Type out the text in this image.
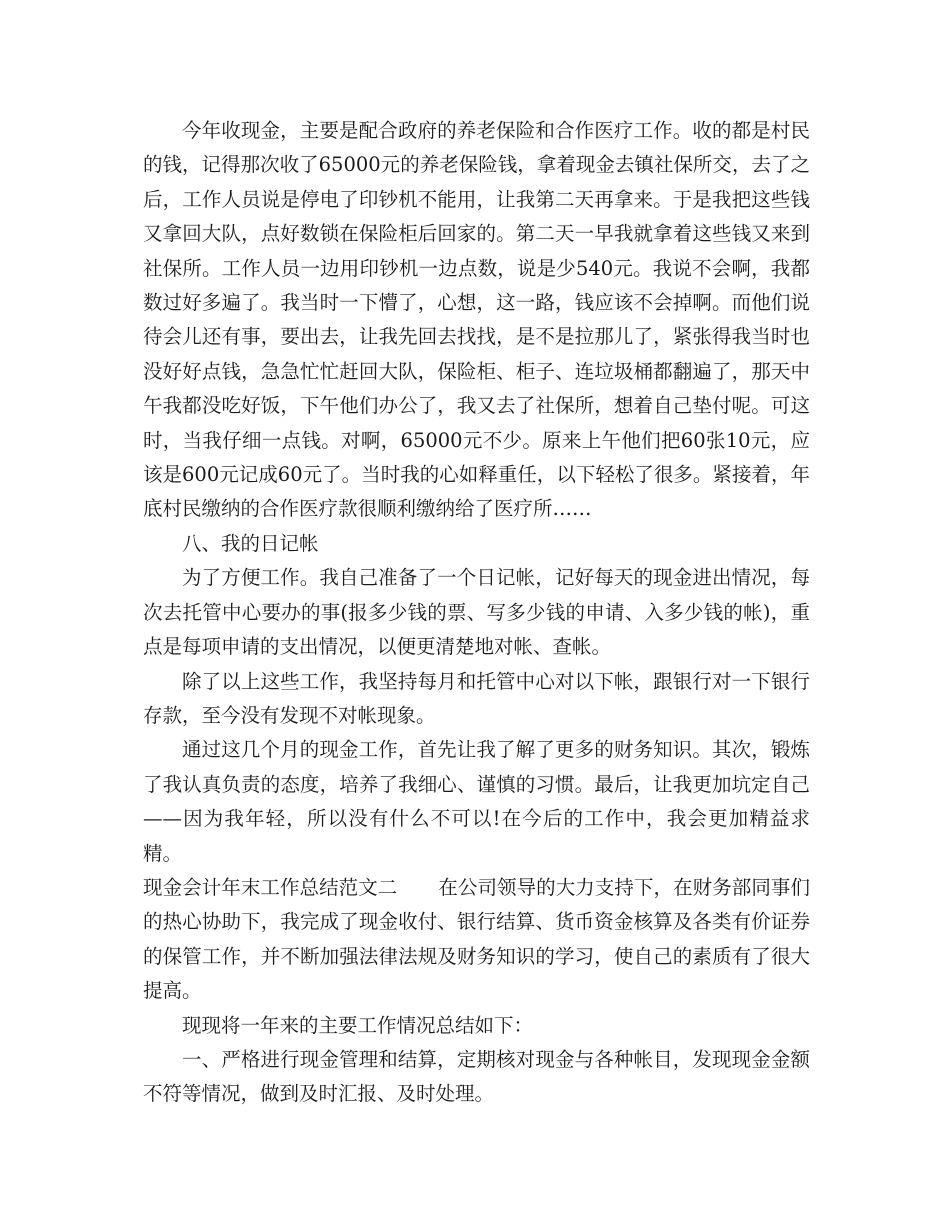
今年收现金，主要是配合政府的养老保险和合作医疗工作。收的都是村民的钱，记得那次收了65000元的养老保险钱，拿着现金去镇社保所交，去了之后，工作人员说是停电了印钞机不能用，让我第二天再拿来。于是我把这些钱又拿回大队，点好数锁在保险柜后回家的。第二天一早我就拿着这些钱又来到社保所。工作人员一边用印钞机一边点数，说是少540元。我说不会啊，我都数过好多遍了。我当时一下懵了，心想，这一路，钱应该不会掉啊。而他们说待会儿还有事，要出去，让我先回去找找，是不是拉那儿了，紧张得我当时也没好好点钱，急急忙忙赶回大队，保险柜、柜子、连垃圾桶都翻遍了，那天中午我都没吃好饭，下午他们办公了，我又去了社保所，想着自己垫付呢。可这时，当我仔细一点钱。对啊，65000元不少。原来上午他们把60张10元，应该是600元记成60元了。当时我的心如释重任，以下轻松了很多。紧接着，年底村民缴纳的合作医疗款很顺利缴纳给了医疗所……

八、我的日记帐

为了方便工作。我自己准备了一个日记帐，记好每天的现金进出情况，每次去托管中心要办的事(报多少钱的票、写多少钱的申请、入多少钱的帐)，重点是每项申请的支出情况，以便更清楚地对帐、查帐。

除了以上这些工作，我坚持每月和托管中心对以下帐，跟银行对一下银行存款，至今没有发现不对帐现象。

通过这几个月的现金工作，首先让我了解了更多的财务知识。其次，锻炼了我认真负责的态度，培养了我细心、谨慎的习惯。最后，让我更加坑定自己——因为我年轻，所以没有什么不可以!在今后的工作中，我会更加精益求精。

现金会计年末工作总结范文二 在公司领导的大力支持下，在财务部同事们的热心协助下，我完成了现金收付、银行结算、货币资金核算及各类有价证券的保管工作，并不断加强法律法规及财务知识的学习，使自己的素质有了很大提高。

现现将一年来的主要工作情况总结如下：

一、严格进行现金管理和结算，定期核对现金与各种帐目，发现现金金额不符等情况，做到及时汇报、及时处理。
